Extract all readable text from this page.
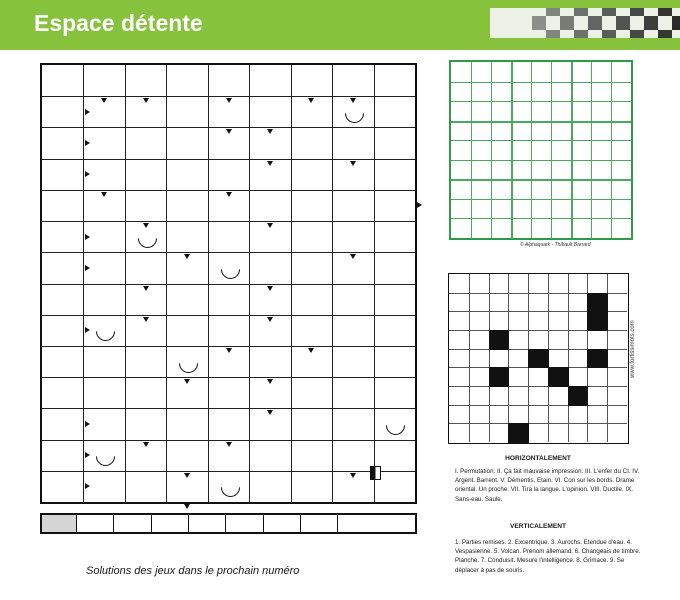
Espace détente
Solutions des jeux dans le prochain numéro
© Alphaquark - Thibault Barrard
www.fortissimots.com
HORIZONTALEMENT
I. Permutation. II. Ça fait mauvaise impression. III. L'enfer du CI. IV. Argent. Barrent. V. Démentis. Etain. VI. Con sur les bords. Drame oriental. Un proche. VII. Tira la langue. L'opinion. VIII. Ductile. IX. Sans-eau. Saule.
VERTICALEMENT
1. Parties remises. 2. Excentrique. 3. Aurochs. Etendue d'eau. 4. Vespasienne. 5. Volcan. Prénom allemand. 6. Changeais de timbre. Planche. 7. Conduisit. Mesure l'intelligence. 8. Grimace. 9. Se déplacer à pas de souris.
